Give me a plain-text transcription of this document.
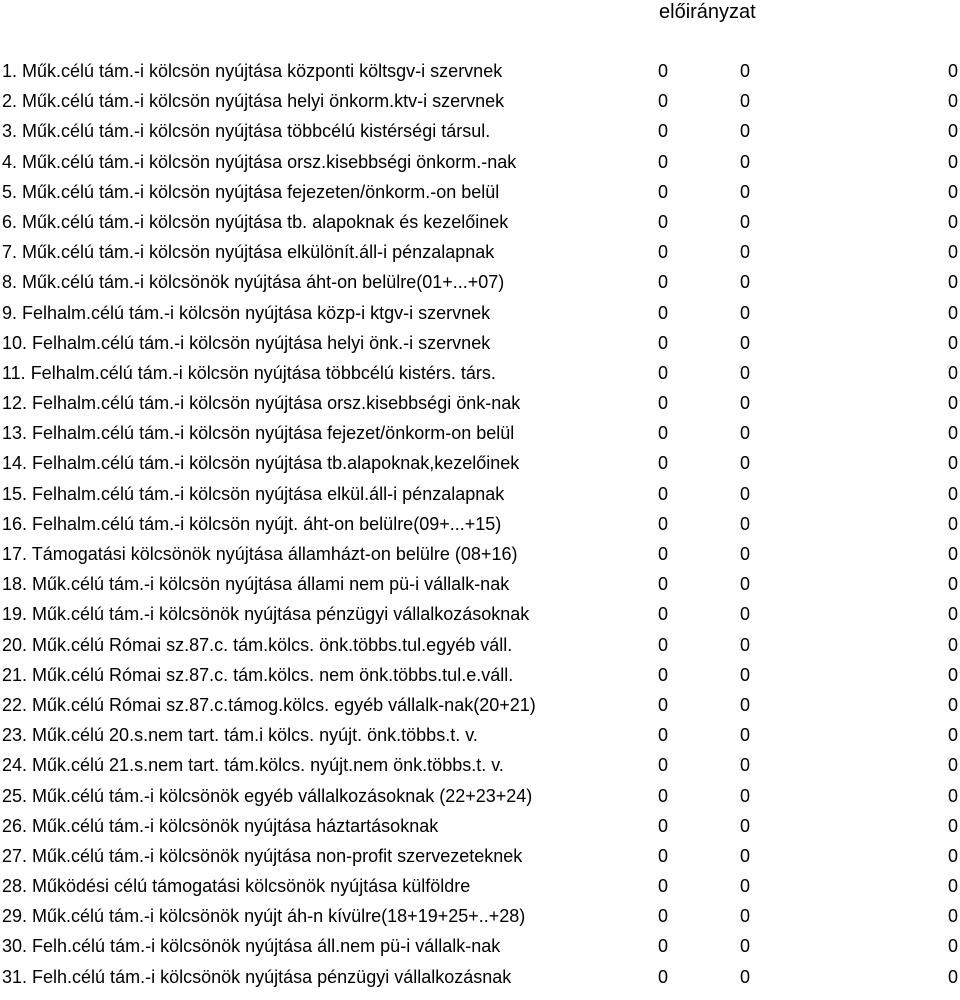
előirányzat
1. Műk.célú tám.-i kölcsön nyújtása központi költsgv-i szervnek	0	0	0
2. Műk.célú tám.-i kölcsön nyújtása helyi önkorm.ktv-i szervnek	0	0	0
3. Műk.célú tám.-i kölcsön nyújtása többcélú kistérségi társul.	0	0	0
4. Műk.célú tám.-i kölcsön nyújtása orsz.kisebbségi önkorm.-nak	0	0	0
5. Műk.célú tám.-i kölcsön nyújtása fejezeten/önkorm.-on belül	0	0	0
6. Műk.célú tám.-i kölcsön nyújtása tb. alapoknak és kezelőinek	0	0	0
7. Műk.célú tám.-i kölcsön nyújtása elkülönít.áll-i pénzalapnak	0	0	0
8. Műk.célú tám.-i kölcsönök nyújtása áht-on belülre(01+...+07)	0	0	0
9. Felhalm.célú tám.-i kölcsön nyújtása közp-i ktgv-i szervnek	0	0	0
10. Felhalm.célú tám.-i kölcsön nyújtása helyi önk.-i szervnek	0	0	0
11. Felhalm.célú tám.-i kölcsön nyújtása többcélú kistérs. társ.	0	0	0
12. Felhalm.célú tám.-i kölcsön nyújtása orsz.kisebbségi önk-nak	0	0	0
13. Felhalm.célú tám.-i kölcsön nyújtása fejezet/önkorm-on belül	0	0	0
14. Felhalm.célú tám.-i kölcsön nyújtása tb.alapoknak,kezelőinek	0	0	0
15. Felhalm.célú tám.-i kölcsön nyújtása elkül.áll-i pénzalapnak	0	0	0
16. Felhalm.célú tám.-i kölcsön nyújt. áht-on belülre(09+...+15)	0	0	0
17. Támogatási kölcsönök nyújtása államházt-on belülre (08+16)	0	0	0
18. Műk.célú tám.-i kölcsön nyújtása állami nem pü-i vállalk-nak	0	0	0
19. Műk.célú tám.-i kölcsönök nyújtása pénzügyi vállalkozásoknak	0	0	0
20. Műk.célú Római sz.87.c. tám.kölcs. önk.többs.tul.egyéb váll.	0	0	0
21. Műk.célú Római sz.87.c. tám.kölcs. nem önk.többs.tul.e.váll.	0	0	0
22. Műk.célú Római sz.87.c.támog.kölcs. egyéb vállalk-nak(20+21)	0	0	0
23. Műk.célú 20.s.nem tart. tám.i kölcs. nyújt. önk.többs.t. v.	0	0	0
24. Műk.célú 21.s.nem tart. tám.kölcs. nyújt.nem önk.többs.t. v.	0	0	0
25. Műk.célú tám.-i kölcsönök egyéb vállalkozásoknak (22+23+24)	0	0	0
26. Műk.célú tám.-i kölcsönök nyújtása háztartásoknak	0	0	0
27. Műk.célú tám.-i kölcsönök nyújtása non-profit szervezeteknek	0	0	0
28. Működési célú támogatási kölcsönök nyújtása külföldre	0	0	0
29. Műk.célú tám.-i kölcsönök nyújt áh-n kívülre(18+19+25+..+28)	0	0	0
30. Felh.célú tám.-i kölcsönök nyújtása áll.nem pü-i vállalk-nak	0	0	0
31. Felh.célú tám.-i kölcsönök nyújtása pénzügyi vállalkozásnak	0	0	0
